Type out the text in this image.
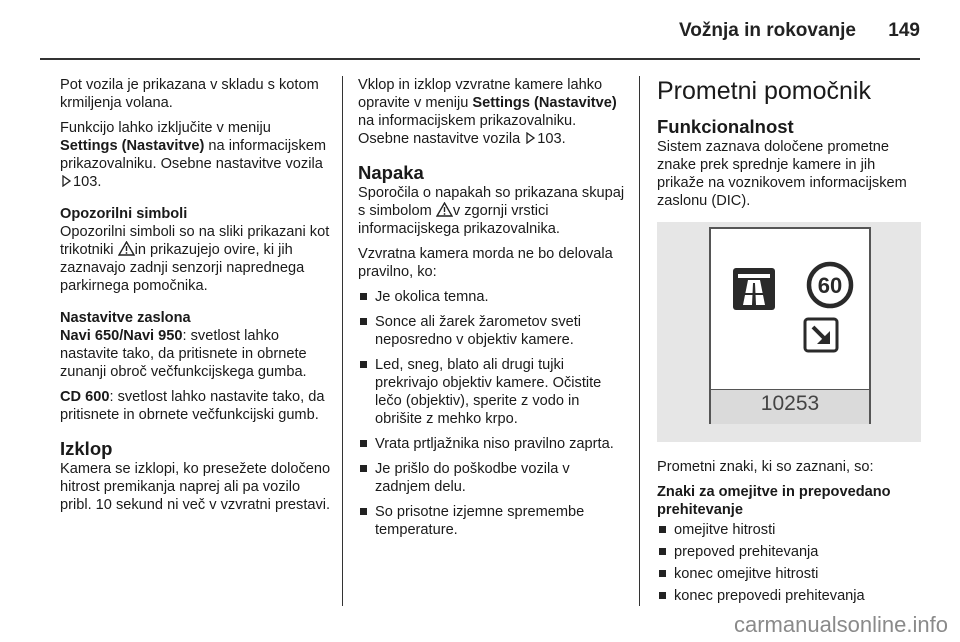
Vožnja in rokovanje 149

Pot vozila je prikazana v skladu s kotom krmiljenja volana.

Funkcijo lahko izključite v meniju Settings (Nastavitve) na informacijskem prikazovalniku. Osebne nastavitve vozila 103.

Opozorilni simboli

Opozorilni simboli so na sliki prikazani kot trikotniki in prikazujejo ovire, ki jih zaznavajo zadnji senzorji naprednega parkirnega pomočnika.

Nastavitve zaslona

Navi 650/Navi 950: svetlost lahko nastavite tako, da pritisnete in obrnete zunanji obroč večfunkcijskega gumba.

CD 600: svetlost lahko nastavite tako, da pritisnete in obrnete večfunkcijski gumb.

Izklop

Kamera se izklopi, ko presežete določeno hitrost premikanja naprej ali pa vozilo pribl. 10 sekund ni več v vzvratni prestavi.

Vklop in izklop vzvratne kamere lahko opravite v meniju Settings (Nastavitve) na informacijskem prikazovalniku. Osebne nastavitve vozila 103.

Napaka

Sporočila o napakah so prikazana skupaj s simbolom v zgornji vrstici informacijskega prikazovalnika.

Vzvratna kamera morda ne bo delovala pravilno, ko:

Je okolica temna.
Sonce ali žarek žarometov sveti neposredno v objektiv kamere.
Led, sneg, blato ali drugi tujki prekrivajo objektiv kamere. Očistite lečo (objektiv), sperite z vodo in obrišite z mehko krpo.
Vrata prtljažnika niso pravilno zaprta.
Je prišlo do poškodbe vozila v zadnjem delu.
So prisotne izjemne spremembe temperature.
Prometni pomočnik
Funkcionalnost

Sistem zaznava določene prometne znake prek sprednje kamere in jih prikaže na voznikovem informacijskem zaslonu (DIC).

60
10253

Prometni znaki, ki so zaznani, so:

Znaki za omejitve in prepovedano prehitevanje

omejitve hitrosti
prepoved prehitevanja
konec omejitve hitrosti
konec prepovedi prehitevanja
carmanualsonline.info
